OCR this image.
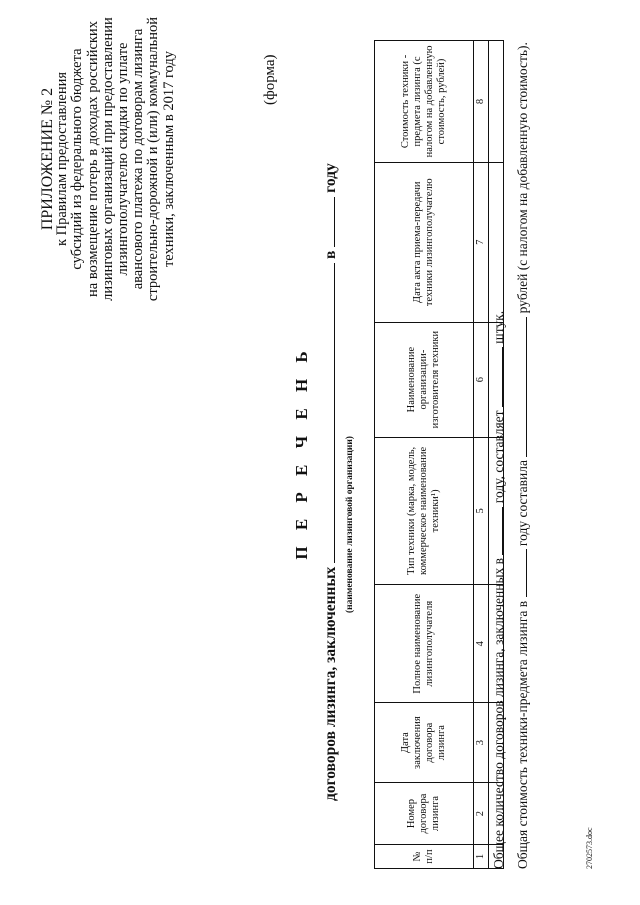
ПРИЛОЖЕНИЕ № 2
к Правилам предоставления субсидий из федерального бюджета на возмещение потерь в доходах российских лизинговых организаций при предоставлении лизингополучателю скидки по уплате авансового платежа по договорам лизинга строительно-дорожной и (или) коммунальной техники, заключенным в 2017 году	(форма)
П Е Р Е Ч Е Н Ь
договоров лизинга, заключенных  в  году
(наименование лизинговой организации)
№ п/п	Номер договора лизинга	Дата заключения договора лизинга	Полное наименование лизингополучателя	Тип техники (марка, модель, коммерческое наименование техники¹)	Наименование организации-изготовителя техники	Дата акта приема-передачи техники лизингополучателю	Стоимость техники - предмета лизинга (с налогом на добавленную стоимость, рублей)
1	2	3	4	5	6	7	8

Общее количество договоров лизинга, заключенных в  году, составляет  штук.
Общая стоимость техники-предмета лизинга в  году составила  рублей (с налогом на добавленную стоимость).
2702573.doc
